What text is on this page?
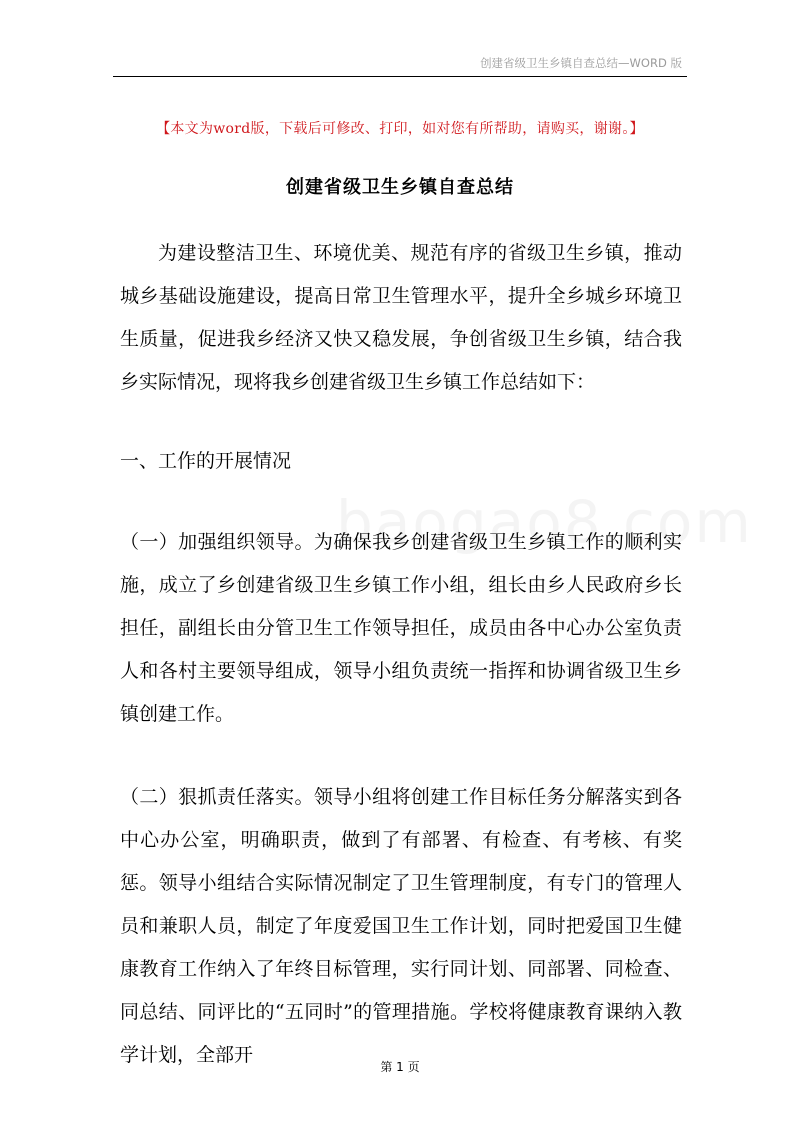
创建省级卫生乡镇自查总结—WORD 版
【本文为word版，下载后可修改、打印，如对您有所帮助，请购买，谢谢。】
创建省级卫生乡镇自查总结
为建设整洁卫生、环境优美、规范有序的省级卫生乡镇，推动城乡基础设施建设，提高日常卫生管理水平，提升全乡城乡环境卫生质量，促进我乡经济又快又稳发展，争创省级卫生乡镇，结合我乡实际情况，现将我乡创建省级卫生乡镇工作总结如下：
一、工作的开展情况
（一）加强组织领导。为确保我乡创建省级卫生乡镇工作的顺利实施，成立了乡创建省级卫生乡镇工作小组，组长由乡人民政府乡长担任，副组长由分管卫生工作领导担任，成员由各中心办公室负责人和各村主要领导组成，领导小组负责统一指挥和协调省级卫生乡镇创建工作。
（二）狠抓责任落实。领导小组将创建工作目标任务分解落实到各中心办公室，明确职责，做到了有部署、有检查、有考核、有奖惩。领导小组结合实际情况制定了卫生管理制度，有专门的管理人员和兼职人员，制定了年度爱国卫生工作计划，同时把爱国卫生健康教育工作纳入了年终目标管理，实行同计划、同部署、同检查、同总结、同评比的“五同时”的管理措施。学校将健康教育课纳入教学计划，全部开
第 1 页
